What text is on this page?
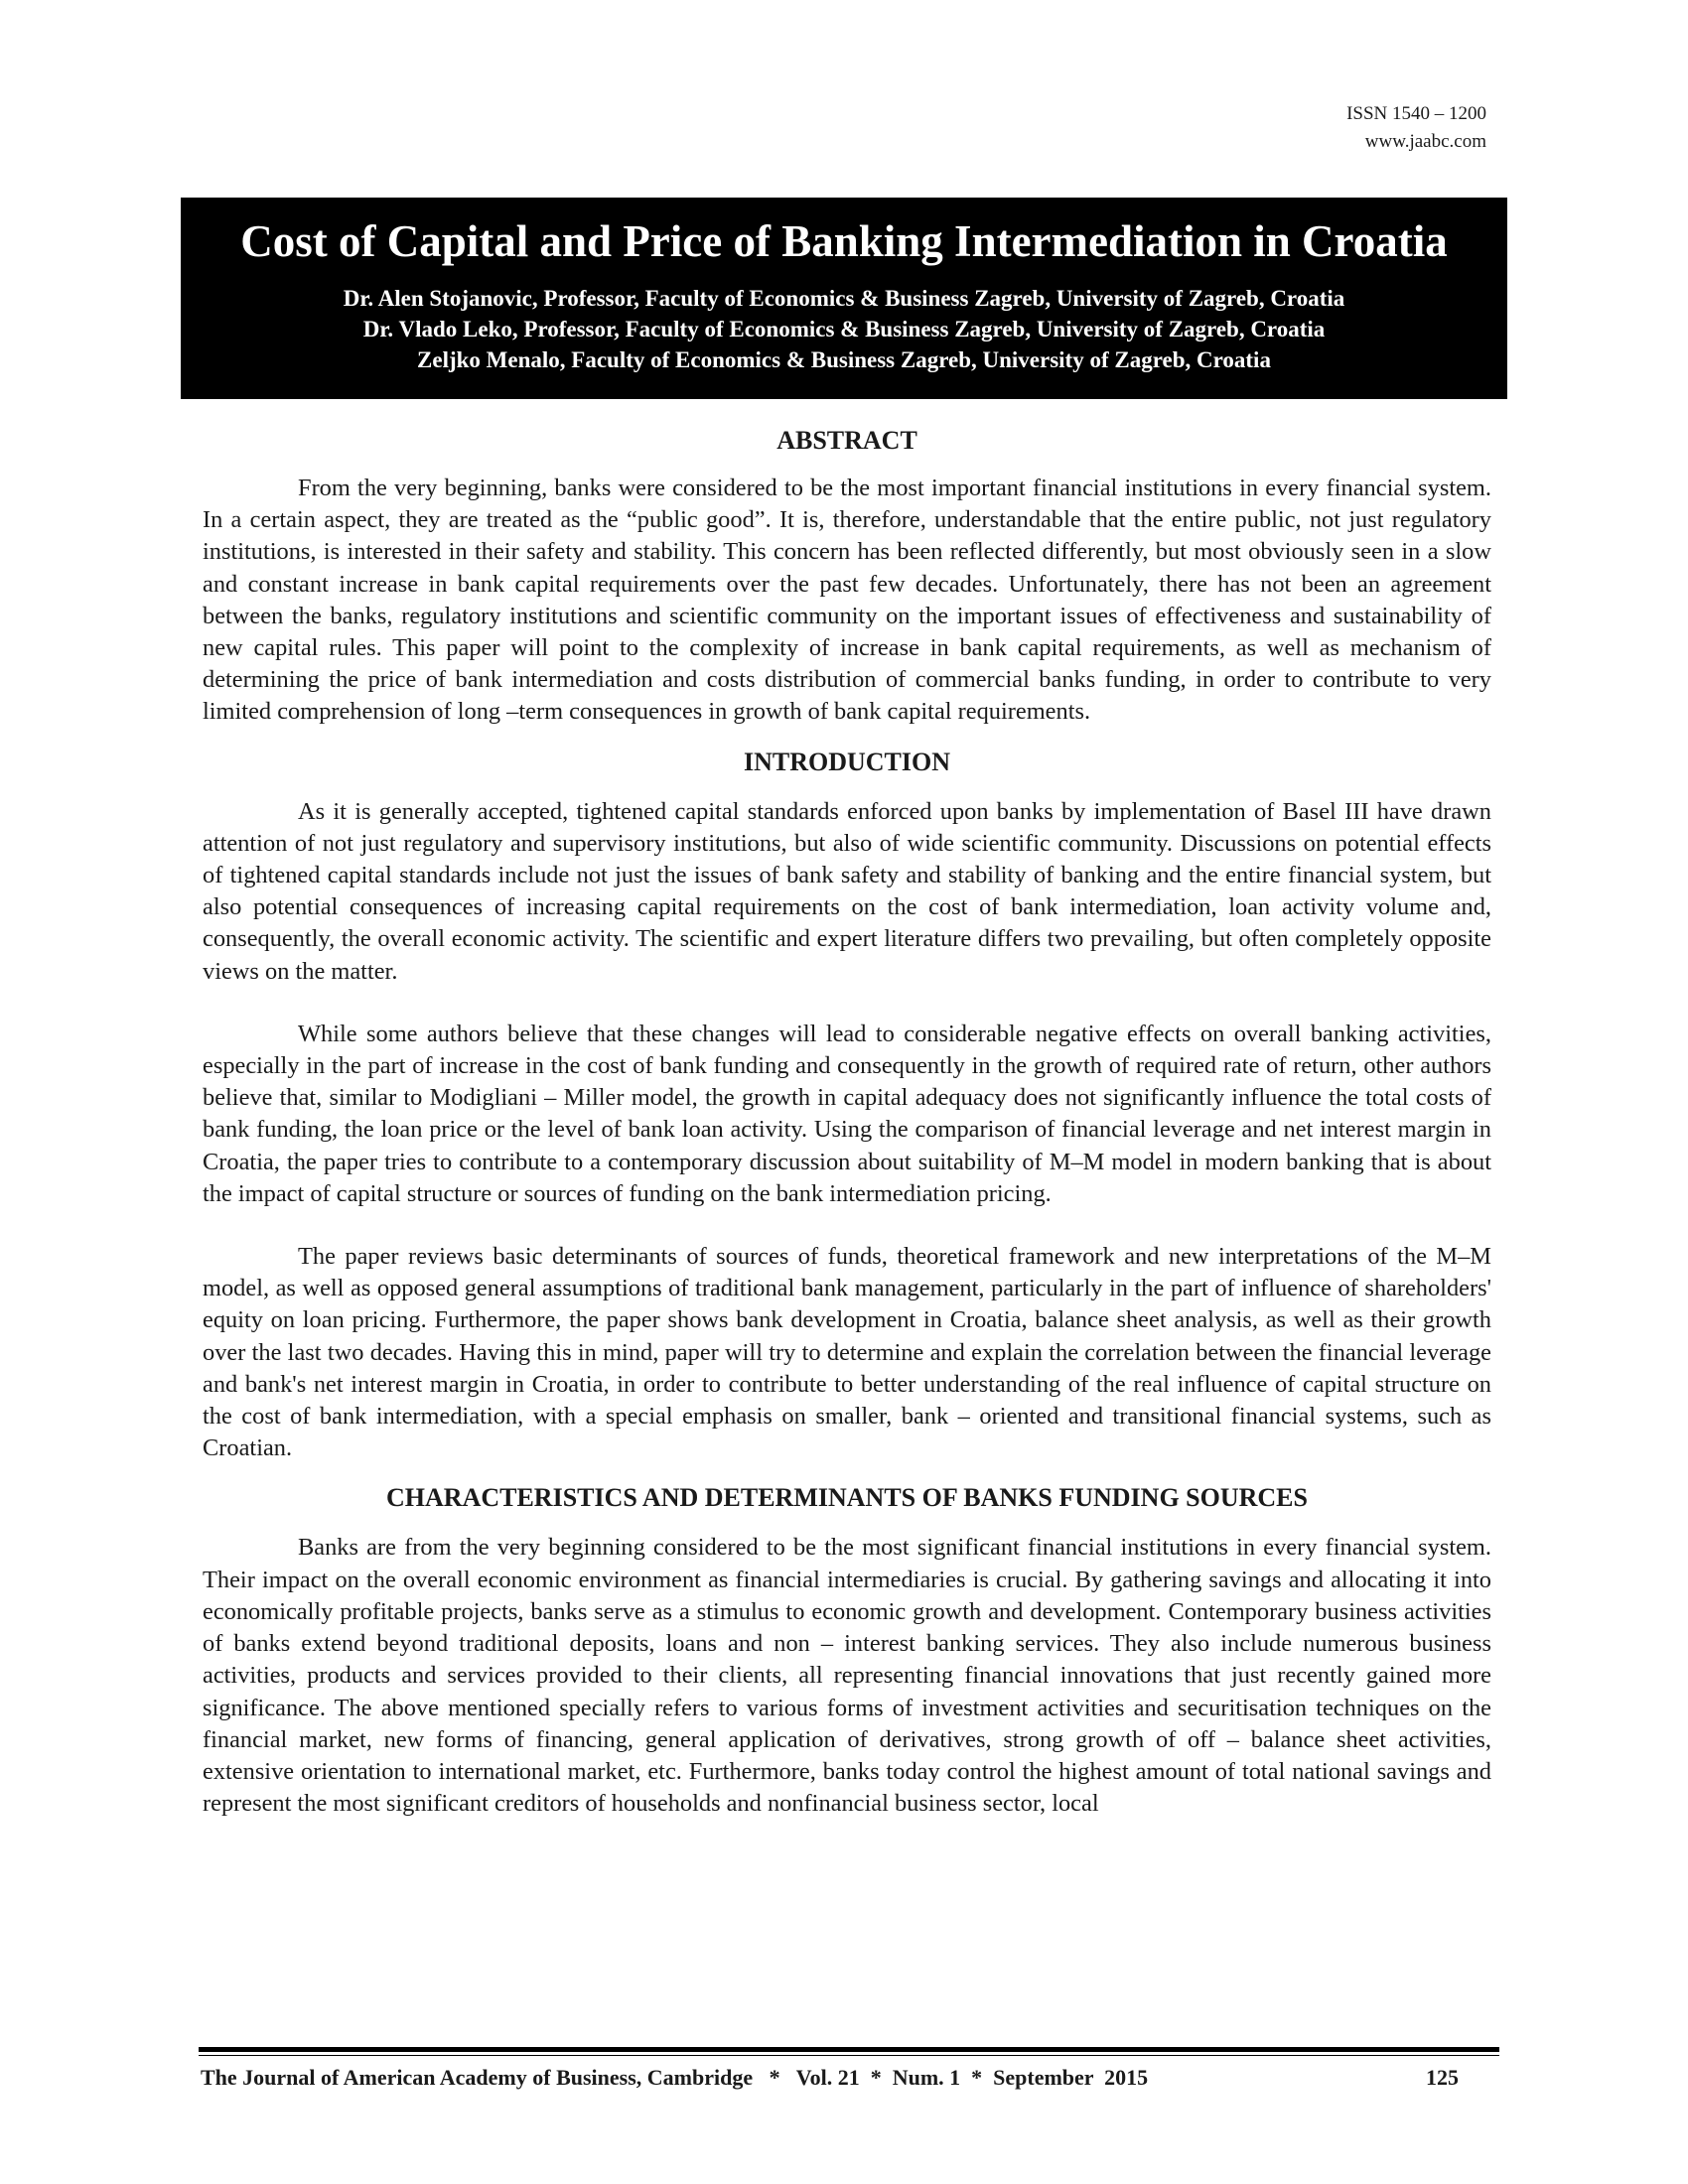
ISSN 1540 – 1200
www.jaabc.com
Cost of Capital and Price of Banking Intermediation in Croatia
Dr. Alen Stojanovic, Professor, Faculty of Economics & Business Zagreb, University of Zagreb, Croatia
Dr. Vlado Leko, Professor, Faculty of Economics & Business Zagreb, University of Zagreb, Croatia
Zeljko Menalo, Faculty of Economics & Business Zagreb, University of Zagreb, Croatia
ABSTRACT

From the very beginning, banks were considered to be the most important financial institutions in every financial system. In a certain aspect, they are treated as the “public good”. It is, therefore, understandable that the entire public, not just regulatory institutions, is interested in their safety and stability. This concern has been reflected differently, but most obviously seen in a slow and constant increase in bank capital requirements over the past few decades. Unfortunately, there has not been an agreement between the banks, regulatory institutions and scientific community on the important issues of effectiveness and sustainability of new capital rules. This paper will point to the complexity of increase in bank capital requirements, as well as mechanism of determining the price of bank intermediation and costs distribution of commercial banks funding, in order to contribute to very limited comprehension of long –term consequences in growth of bank capital requirements.

INTRODUCTION

As it is generally accepted, tightened capital standards enforced upon banks by implementation of Basel III have drawn attention of not just regulatory and supervisory institutions, but also of wide scientific community. Discussions on potential effects of tightened capital standards include not just the issues of bank safety and stability of banking and the entire financial system, but also potential consequences of increasing capital requirements on the cost of bank intermediation, loan activity volume and, consequently, the overall economic activity. The scientific and expert literature differs two prevailing, but often completely opposite views on the matter.

While some authors believe that these changes will lead to considerable negative effects on overall banking activities, especially in the part of increase in the cost of bank funding and consequently in the growth of required rate of return, other authors believe that, similar to Modigliani – Miller model, the growth in capital adequacy does not significantly influence the total costs of bank funding, the loan price or the level of bank loan activity. Using the comparison of financial leverage and net interest margin in Croatia, the paper tries to contribute to a contemporary discussion about suitability of M–M model in modern banking that is about the impact of capital structure or sources of funding on the bank intermediation pricing.

The paper reviews basic determinants of sources of funds, theoretical framework and new interpretations of the M–M model, as well as opposed general assumptions of traditional bank management, particularly in the part of influence of shareholders' equity on loan pricing. Furthermore, the paper shows bank development in Croatia, balance sheet analysis, as well as their growth over the last two decades. Having this in mind, paper will try to determine and explain the correlation between the financial leverage and bank's net interest margin in Croatia, in order to contribute to better understanding of the real influence of capital structure on the cost of bank intermediation, with a special emphasis on smaller, bank – oriented and transitional financial systems, such as Croatian.

CHARACTERISTICS AND DETERMINANTS OF BANKS FUNDING SOURCES

Banks are from the very beginning considered to be the most significant financial institutions in every financial system. Their impact on the overall economic environment as financial intermediaries is crucial. By gathering savings and allocating it into economically profitable projects, banks serve as a stimulus to economic growth and development. Contemporary business activities of banks extend beyond traditional deposits, loans and non – interest banking services. They also include numerous business activities, products and services provided to their clients, all representing financial innovations that just recently gained more significance. The above mentioned specially refers to various forms of investment activities and securitisation techniques on the financial market, new forms of financing, general application of derivatives, strong growth of off – balance sheet activities, extensive orientation to international market, etc. Furthermore, banks today control the highest amount of total national savings and represent the most significant creditors of households and nonfinancial business sector, local

The Journal of American Academy of Business, Cambridge   *   Vol. 21  *  Num. 1  *  September  2015	125
